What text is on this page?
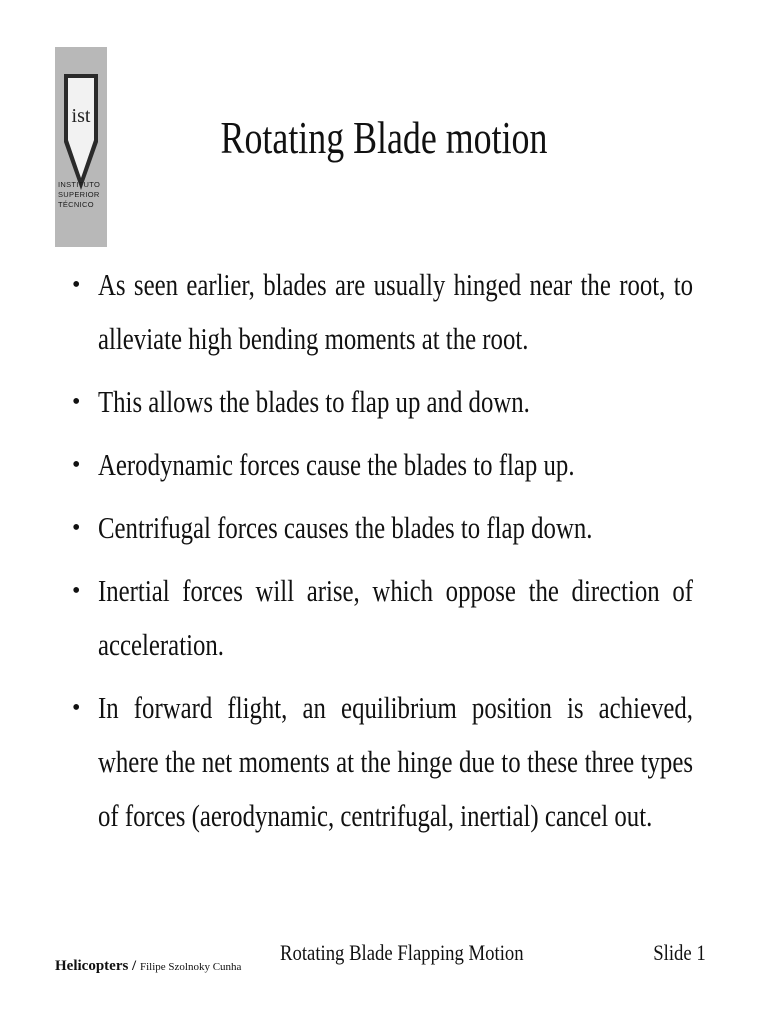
ist
INSTITUTO
SUPERIOR
TÉCNICO
Rotating Blade motion
• As seen earlier, blades are usually hinged near the root, to alleviate high bending moments at the root.
• This allows the blades to flap up and down.
• Aerodynamic forces cause the blades to flap up.
• Centrifugal forces causes the blades to flap down.
• Inertial forces will arise, which oppose the direction of acceleration.
• In forward flight, an equilibrium position is achieved, where the net moments at the hinge due to these three types of forces (aerodynamic, centrifugal, inertial) cancel out.
Helicopters / Filipe Szolnoky Cunha
Rotating Blade Flapping Motion	Slide 1
